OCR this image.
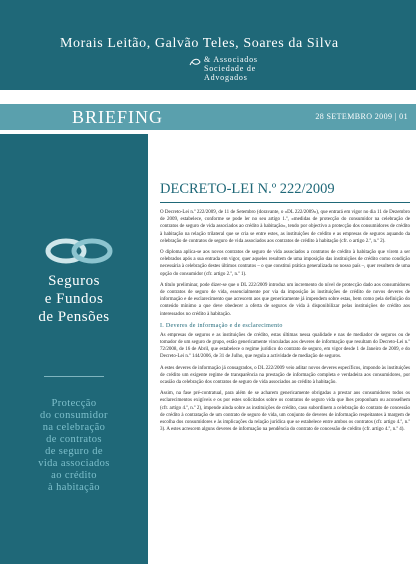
Morais Leitão, Galvão Teles, Soares da Silva
& Associados
Sociedade de
Advogados
BRIEFING	28 SETEMBRO 2009 | 01
Seguros
e Fundos
de Pensões
Protecção
do consumidor
na celebração
de contratos
de seguro de
vida associados
ao crédito
à habitação
DECRETO-LEI N.º 222/2009

O Decreto-Lei n.º 222/2009, de 11 de Setembro (doravante, o «DL 222/2009»), que entrará em vigor no dia 11 de Dezembro de 2009, estabelece, conforme se pode ler no seu artigo 1.º, «medidas de protecção do consumidor na celebração de contratos de seguro de vida associados ao crédito à habitação», tendo por objectivo a protecção dos consumidores de crédito à habitação na relação trilateral que se cria se entre estes, as instituições de crédito e as empresas de seguros aquando da celebração de contratos de seguro de vida associados aos contratos de crédito à habitação (cfr. o artigo 2.º, n.º 2).

O diploma aplica-se aos novos contratos de seguro de vida associados a contratos de crédito à habitação que virem a ser celebrados após a sua entrada em vigor, quer aqueles resultem de uma imposição das instituições de crédito como condição necessária à celebração destes últimos contratos – o que constitui prática generalizada no nosso país –, quer resultem de uma opção do consumidor (cfr. artigo 2.º, n.º 1).

A título preliminar, pode dizer-se que o DL 222/2009 introduz um incremento do nível de protecção dado aos consumidores de contratos de seguro de vida, essencialmente por via da imposição às instituições de crédito de novos deveres de informação e de esclarecimento que acrescem aos que genericamente já impendem sobre estas, bem como pela definição do conteúdo mínimo a que deve obedecer a oferta de seguros de vida à disponibilizar pelas instituições de crédito aos interessados no crédito à habitação.

I. Deveres de informação e de esclarecimento

As empresas de seguros e as instituições de crédito, estas últimas nessa qualidade e nas de mediador de seguros ou de tomador de um seguro de grupo, estão genericamente vinculadas aos deveres de informação que resultam do Decreto-Lei n.º 72/2008, de 16 de Abril, que estabelece o regime jurídico do contrato de seguro, em vigor desde 1 de Janeiro de 2009, e do Decreto-Lei n.º 144/2006, de 31 de Julho, que regula a actividade de mediação de seguros.

A estes deveres de informação já consagrados, o DL 222/2009 veio aditar novos deveres específicos, impondo às instituições de crédito um exigente regime de transparência na prestação de informação completa e verdadeira aos consumidores, por ocasião da celebração dos contratos de seguro de vida associados ao crédito à habitação.

Assim, na fase pré-contratual, para além de se acharem genericamente obrigadas a prestar aos consumidores todos os esclarecimentos exigíveis e os por estes solicitados sobre os contratos de seguro vida que lhes proponham ou aconselhem (cfr. artigo 4.º, n.º 2), impende ainda sobre as instituições de crédito, caso subordinem a celebração do contrato de concessão de crédito à contratação de um contrato de seguro de vida, um conjunto de deveres de informação respeitantes à margem de escolha dos consumidores e às implicações da relação jurídica que se estabelece entre ambos os contratos (cfr. artigo 4.º, n.º 3). A estes acrescem alguns deveres de informação na pendência do contrato de concessão de crédito (cfr. artigo 4.º, n.º 4).
